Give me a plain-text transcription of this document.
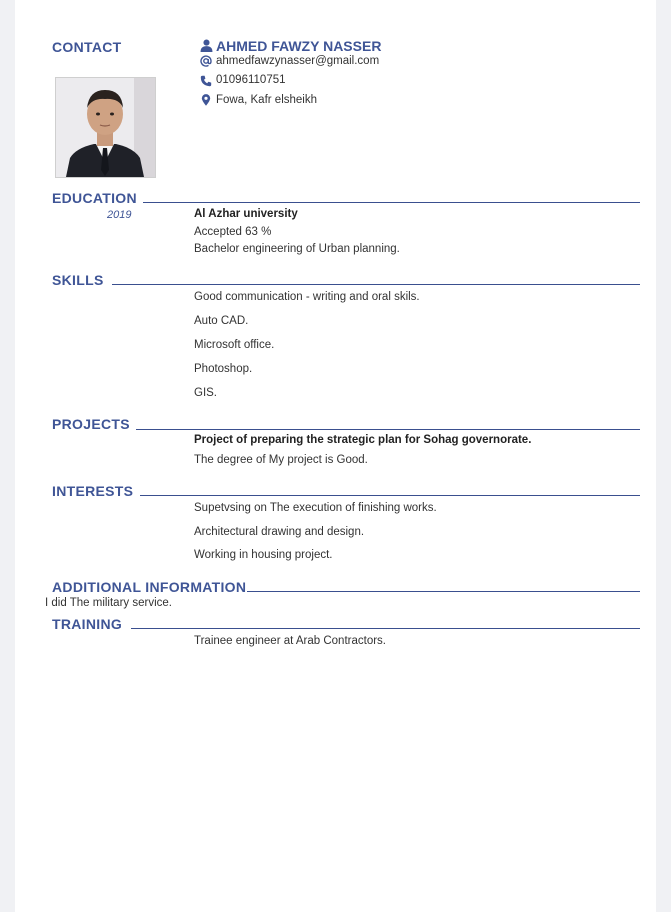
CONTACT	AHMED FAWZY NASSER
ahmedfawzynasser@gmail.com
01096110751
Fowa, Kafr elsheikh
EDUCATION
2019	Al Azhar university
Accepted 63 %
Bachelor engineering of Urban planning.
SKILLS
Good communication - writing and oral skils.
Auto CAD.
Microsoft office.
Photoshop.
GIS.
PROJECTS
Project of preparing the strategic plan for Sohag governorate.
The degree of My project is Good.
INTERESTS
Supetvsing on The execution of finishing works.
Architectural drawing and design.
Working in housing project.
ADDITIONAL INFORMATION
I did The military service.
TRAINING
Trainee engineer at Arab Contractors.
